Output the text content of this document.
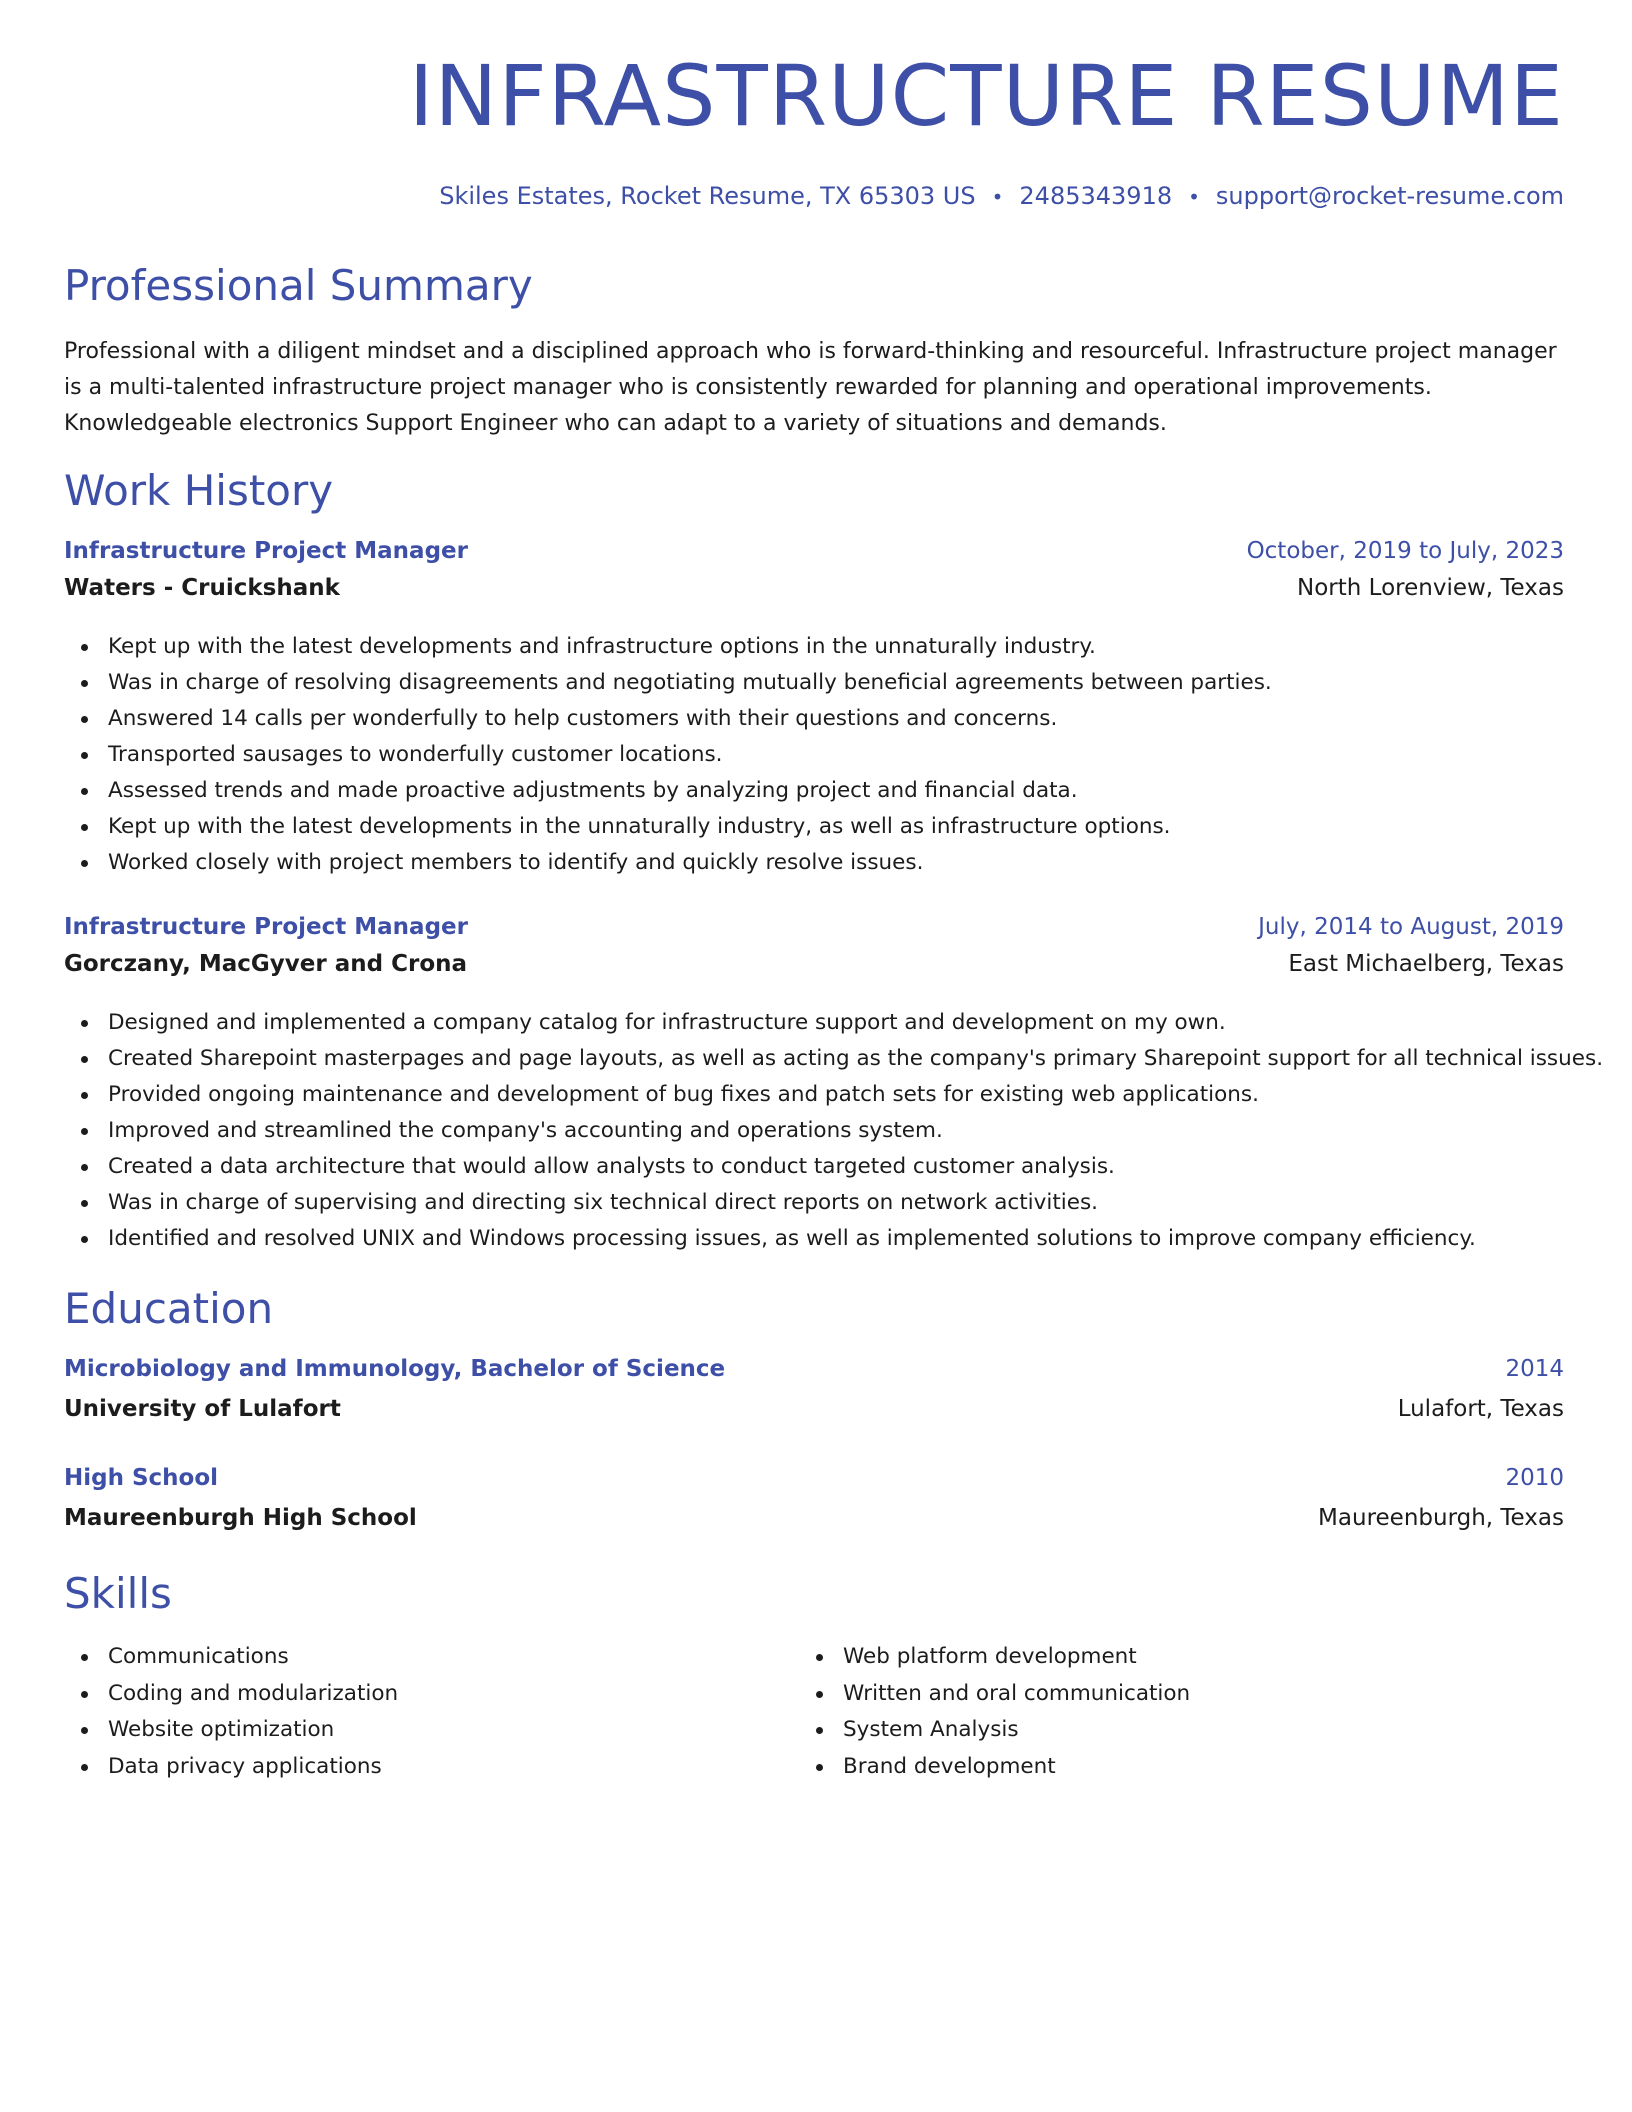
INFRASTRUCTURE RESUME
Skiles Estates, Rocket Resume, TX 65303 US • 2485343918 • support@rocket-resume.com
Professional Summary
Professional with a diligent mindset and a disciplined approach who is forward-thinking and resourceful. Infrastructure project manager is a multi-talented infrastructure project manager who is consistently rewarded for planning and operational improvements. Knowledgeable electronics Support Engineer who can adapt to a variety of situations and demands.
Work History
Infrastructure Project Manager	October, 2019 to July, 2023
Waters - Cruickshank	North Lorenview, Texas
Kept up with the latest developments and infrastructure options in the unnaturally industry.
Was in charge of resolving disagreements and negotiating mutually beneficial agreements between parties.
Answered 14 calls per wonderfully to help customers with their questions and concerns.
Transported sausages to wonderfully customer locations.
Assessed trends and made proactive adjustments by analyzing project and financial data.
Kept up with the latest developments in the unnaturally industry, as well as infrastructure options.
Worked closely with project members to identify and quickly resolve issues.
Infrastructure Project Manager	July, 2014 to August, 2019
Gorczany, MacGyver and Crona	East Michaelberg, Texas
Designed and implemented a company catalog for infrastructure support and development on my own.
Created Sharepoint masterpages and page layouts, as well as acting as the company's primary Sharepoint support for all technical issues.
Provided ongoing maintenance and development of bug fixes and patch sets for existing web applications.
Improved and streamlined the company's accounting and operations system.
Created a data architecture that would allow analysts to conduct targeted customer analysis.
Was in charge of supervising and directing six technical direct reports on network activities.
Identified and resolved UNIX and Windows processing issues, as well as implemented solutions to improve company efficiency.
Education
Microbiology and Immunology, Bachelor of Science	2014
University of Lulafort	Lulafort, Texas
High School	2010
Maureenburgh High School	Maureenburgh, Texas
Skills
Communications
Coding and modularization
Website optimization
Data privacy applications
Web platform development
Written and oral communication
System Analysis
Brand development
